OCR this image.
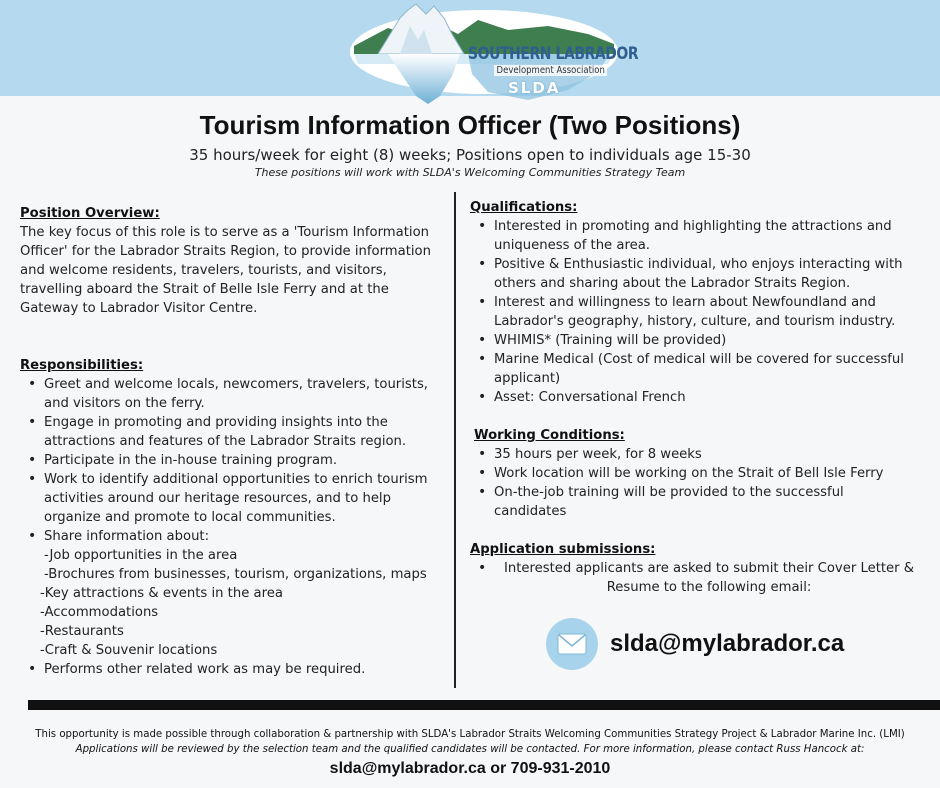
SOUTHERN LABRADOR
Development Association
SLDA
Tourism Information Officer (Two Positions)
35 hours/week for eight (8) weeks; Positions open to individuals age 15-30
These positions will work with SLDA's Welcoming Communities Strategy Team
Position Overview:
The key focus of this role is to serve as a 'Tourism Information Officer' for the Labrador Straits Region, to provide information and welcome residents, travelers, tourists, and visitors, travelling aboard the Strait of Belle Isle Ferry and at the Gateway to Labrador Visitor Centre.
Responsibilities:
• Greet and welcome locals, newcomers, travelers, tourists, and visitors on the ferry.
• Engage in promoting and providing insights into the attractions and features of the Labrador Straits region.
• Participate in the in-house training program.
• Work to identify additional opportunities to enrich tourism activities around our heritage resources, and to help organize and promote to local communities.
• Share information about:
-Job opportunities in the area
-Brochures from businesses, tourism, organizations, maps
-Key attractions & events in the area
-Accommodations
-Restaurants
-Craft & Souvenir locations
• Performs other related work as may be required.
Qualifications:
• Interested in promoting and highlighting the attractions and uniqueness of the area.
• Positive & Enthusiastic individual, who enjoys interacting with others and sharing about the Labrador Straits Region.
• Interest and willingness to learn about Newfoundland and Labrador's geography, history, culture, and tourism industry.
• WHIMIS* (Training will be provided)
• Marine Medical (Cost of medical will be covered for successful applicant)
• Asset: Conversational French
Working Conditions:
• 35 hours per week, for 8 weeks
• Work location will be working on the Strait of Bell Isle Ferry
• On-the-job training will be provided to the successful candidates
Application submissions:
• Interested applicants are asked to submit their Cover Letter & Resume to the following email:
slda@mylabrador.ca
This opportunity is made possible through collaboration & partnership with SLDA's Labrador Straits Welcoming Communities Strategy Project & Labrador Marine Inc. (LMI)
Applications will be reviewed by the selection team and the qualified candidates will be contacted. For more information, please contact Russ Hancock at:
slda@mylabrador.ca or 709-931-2010
